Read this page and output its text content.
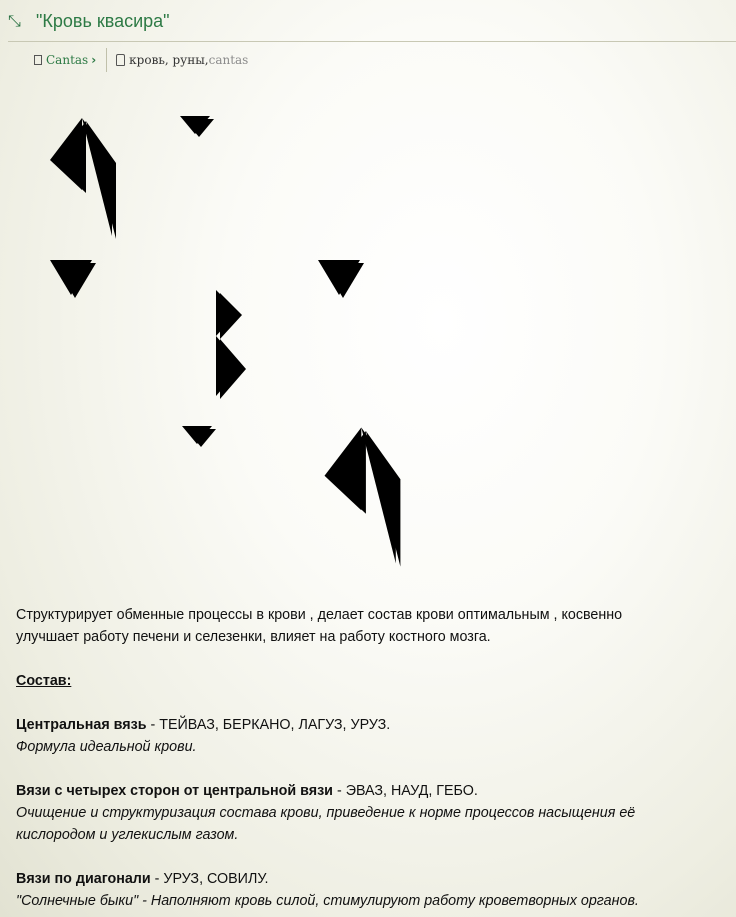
⤡ "Кровь квасира"
Cantas ›	кровь, руны, cantas

Структурирует обменные процессы в крови , делает состав крови оптимальным , косвенно

улучшает работу печени и селезенки, влияет на работу костного мозга.

Состав:

Центральная вязь - ТЕЙВАЗ, БЕРКАНО, ЛАГУЗ, УРУЗ.

Формула идеальной крови.

Вязи с четырех сторон от центральной вязи - ЭВАЗ, НАУД, ГЕБО.

Очищение и структуризация состава крови, приведение к норме процессов насыщения её

кислородом и углекислым газом.

Вязи по диагонали - УРУЗ, СОВИЛУ.

"Солнечные быки" - Наполняют кровь силой, стимулируют работу кроветворных органов.
